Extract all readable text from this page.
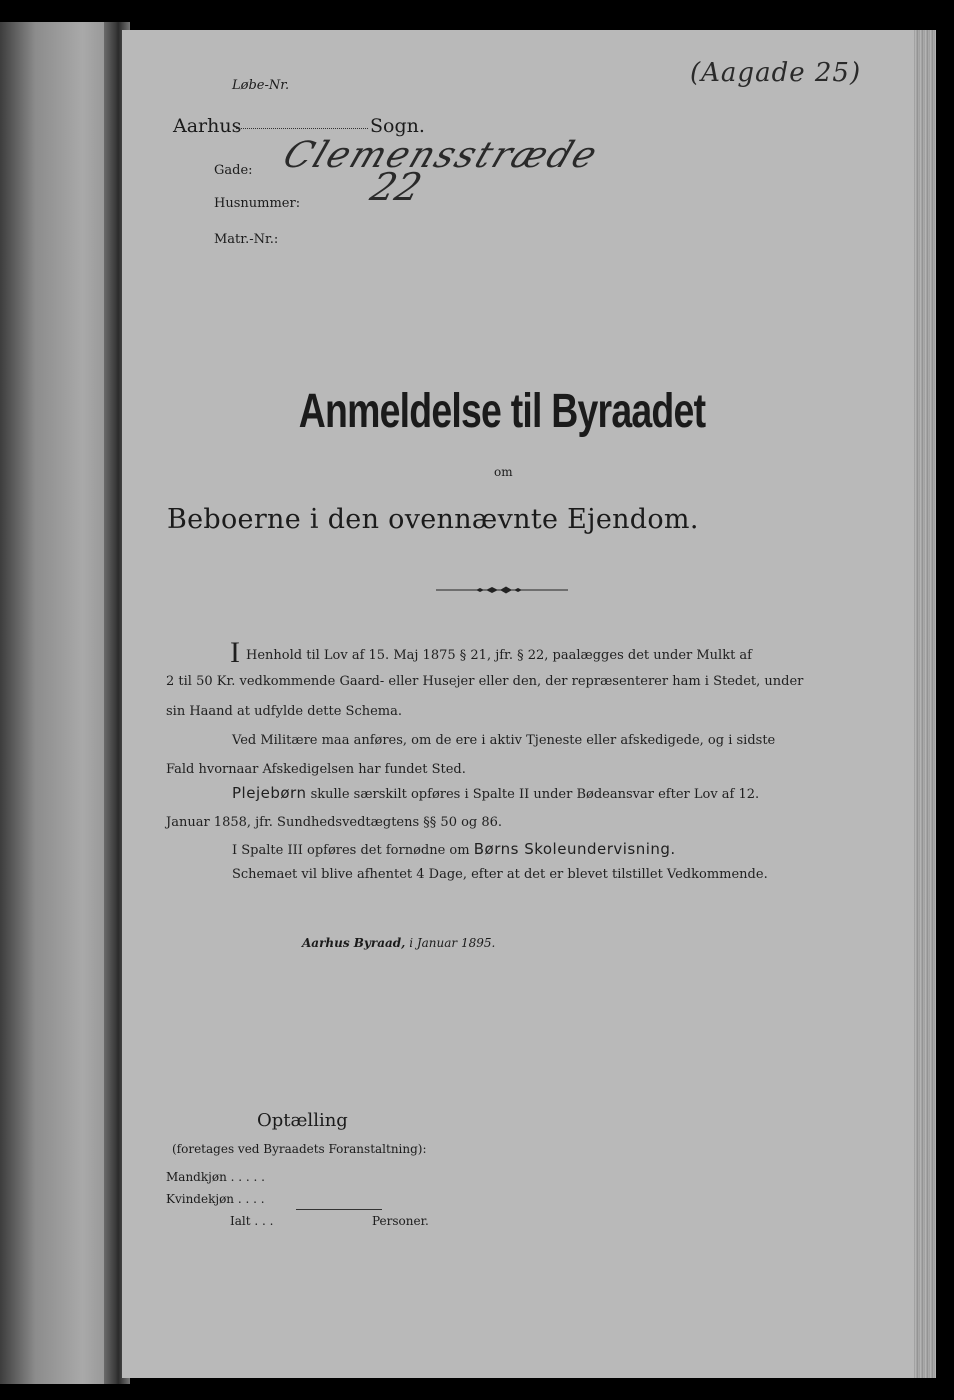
Løbe-Nr.
Aarhus	Sogn.
Gade:
Husnummer:
Matr.-Nr.:
(Aagade 25)
Clemensstræde
22
Anmeldelse til Byraadet
om
Beboerne i den ovennævnte Ejendom.
I Henhold til Lov af 15. Maj 1875 § 21, jfr. § 22, paalægges det under Mulkt af
2 til 50 Kr. vedkommende Gaard- eller Husejer eller den, der repræsenterer ham i Stedet, under
sin Haand at udfylde dette Schema.
Ved Militære maa anføres, om de ere i aktiv Tjeneste eller afskedigede, og i sidste
Fald hvornaar Afskedigelsen har fundet Sted.
Plejebørn skulle særskilt opføres i Spalte II under Bødeansvar efter Lov af 12.
Januar 1858, jfr. Sundhedsvedtægtens §§ 50 og 86.
I Spalte III opføres det fornødne om Børns Skoleundervisning.
Schemaet vil blive afhentet 4 Dage, efter at det er blevet tilstillet Vedkommende.
Aarhus Byraad, i Januar 1895.
Optælling
(foretages ved Byraadets Foranstaltning):
Mandkjøn . . . . .
Kvindekjøn . . . .
Ialt . . .	Personer.
